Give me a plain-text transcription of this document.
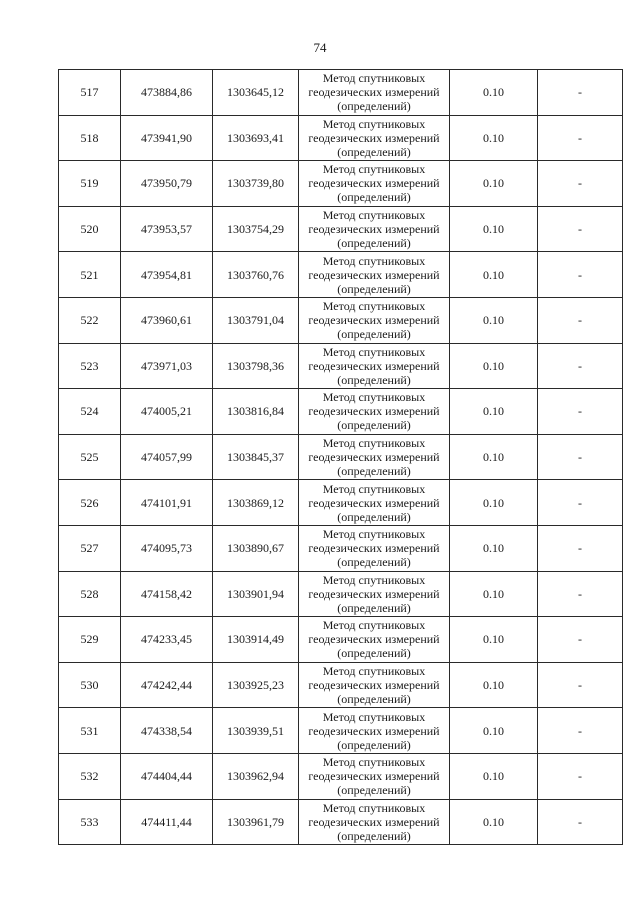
74
517	473884,86	1303645,12	Метод спутниковых геодезических измерений (определений)	0.10	-
518	473941,90	1303693,41	Метод спутниковых геодезических измерений (определений)	0.10	-
519	473950,79	1303739,80	Метод спутниковых геодезических измерений (определений)	0.10	-
520	473953,57	1303754,29	Метод спутниковых геодезических измерений (определений)	0.10	-
521	473954,81	1303760,76	Метод спутниковых геодезических измерений (определений)	0.10	-
522	473960,61	1303791,04	Метод спутниковых геодезических измерений (определений)	0.10	-
523	473971,03	1303798,36	Метод спутниковых геодезических измерений (определений)	0.10	-
524	474005,21	1303816,84	Метод спутниковых геодезических измерений (определений)	0.10	-
525	474057,99	1303845,37	Метод спутниковых геодезических измерений (определений)	0.10	-
526	474101,91	1303869,12	Метод спутниковых геодезических измерений (определений)	0.10	-
527	474095,73	1303890,67	Метод спутниковых геодезических измерений (определений)	0.10	-
528	474158,42	1303901,94	Метод спутниковых геодезических измерений (определений)	0.10	-
529	474233,45	1303914,49	Метод спутниковых геодезических измерений (определений)	0.10	-
530	474242,44	1303925,23	Метод спутниковых геодезических измерений (определений)	0.10	-
531	474338,54	1303939,51	Метод спутниковых геодезических измерений (определений)	0.10	-
532	474404,44	1303962,94	Метод спутниковых геодезических измерений (определений)	0.10	-
533	474411,44	1303961,79	Метод спутниковых геодезических измерений (определений)	0.10	-
